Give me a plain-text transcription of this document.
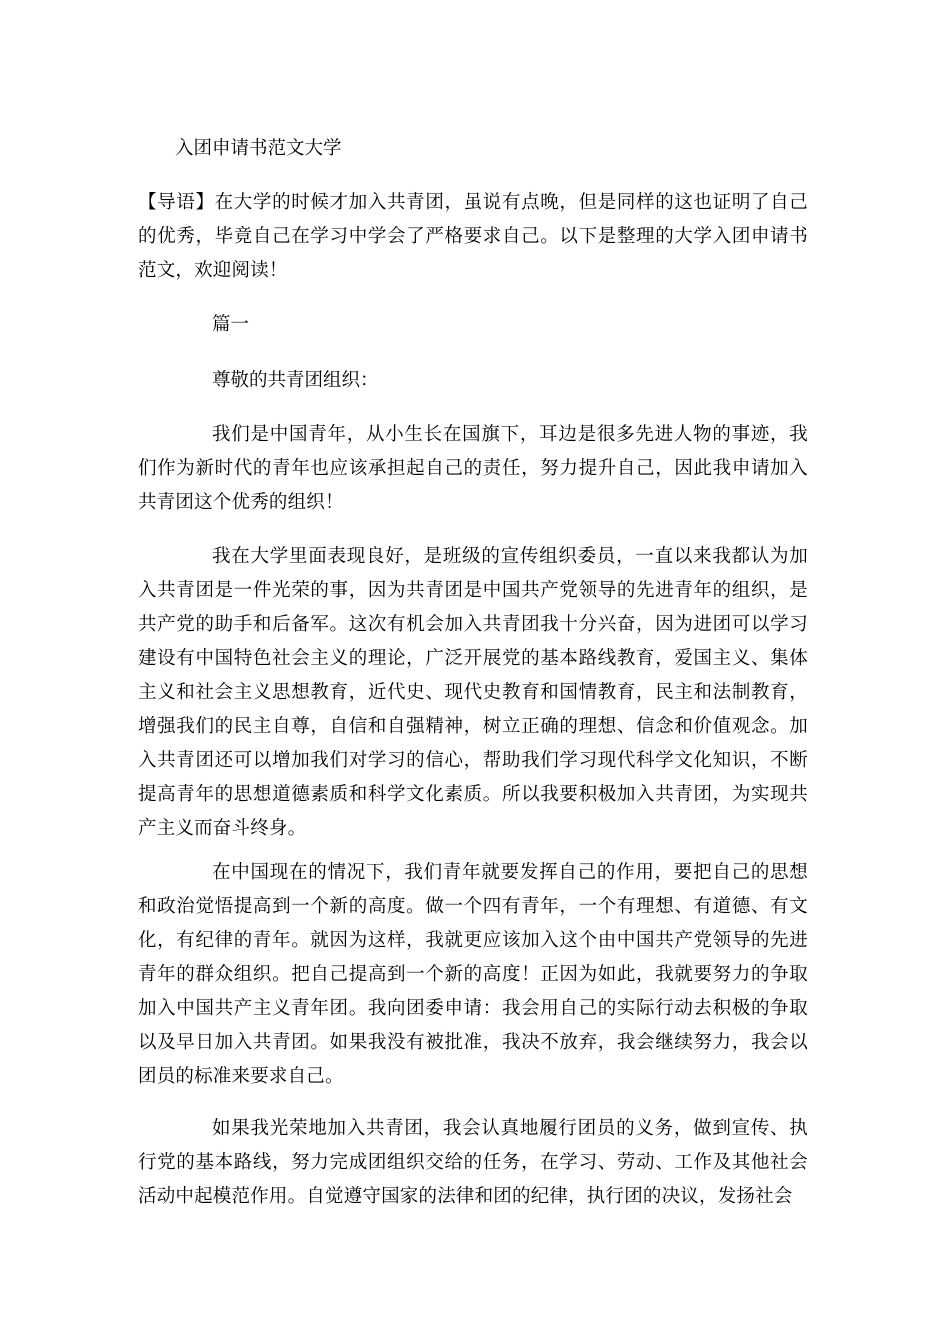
入团申请书范文大学

【导语】在大学的时候才加入共青团，虽说有点晚，但是同样的这也证明了自己的优秀，毕竟自己在学习中学会了严格要求自己。以下是整理的大学入团申请书范文，欢迎阅读！

篇一

尊敬的共青团组织：

我们是中国青年，从小生长在国旗下，耳边是很多先进人物的事迹，我们作为新时代的青年也应该承担起自己的责任，努力提升自己，因此我申请加入共青团这个优秀的组织！

我在大学里面表现良好，是班级的宣传组织委员，一直以来我都认为加入共青团是一件光荣的事，因为共青团是中国共产党领导的先进青年的组织，是共产党的助手和后备军。这次有机会加入共青团我十分兴奋，因为进团可以学习建设有中国特色社会主义的理论，广泛开展党的基本路线教育，爱国主义、集体主义和社会主义思想教育，近代史、现代史教育和国情教育，民主和法制教育，增强我们的民主自尊，自信和自强精神，树立正确的理想、信念和价值观念。加入共青团还可以增加我们对学习的信心，帮助我们学习现代科学文化知识，不断提高青年的思想道德素质和科学文化素质。所以我要积极加入共青团，为实现共产主义而奋斗终身。

在中国现在的情况下，我们青年就要发挥自己的作用，要把自己的思想和政治觉悟提高到一个新的高度。做一个四有青年，一个有理想、有道德、有文化，有纪律的青年。就因为这样，我就更应该加入这个由中国共产党领导的先进青年的群众组织。把自己提高到一个新的高度！正因为如此，我就要努力的争取加入中国共产主义青年团。我向团委申请：我会用自己的实际行动去积极的争取以及早日加入共青团。如果我没有被批准，我决不放弃，我会继续努力，我会以团员的标准来要求自己。

如果我光荣地加入共青团，我会认真地履行团员的义务，做到宣传、执行党的基本路线，努力完成团组织交给的任务，在学习、劳动、工作及其他社会活动中起模范作用。自觉遵守国家的法律和团的纪律，执行团的决议，发扬社会
